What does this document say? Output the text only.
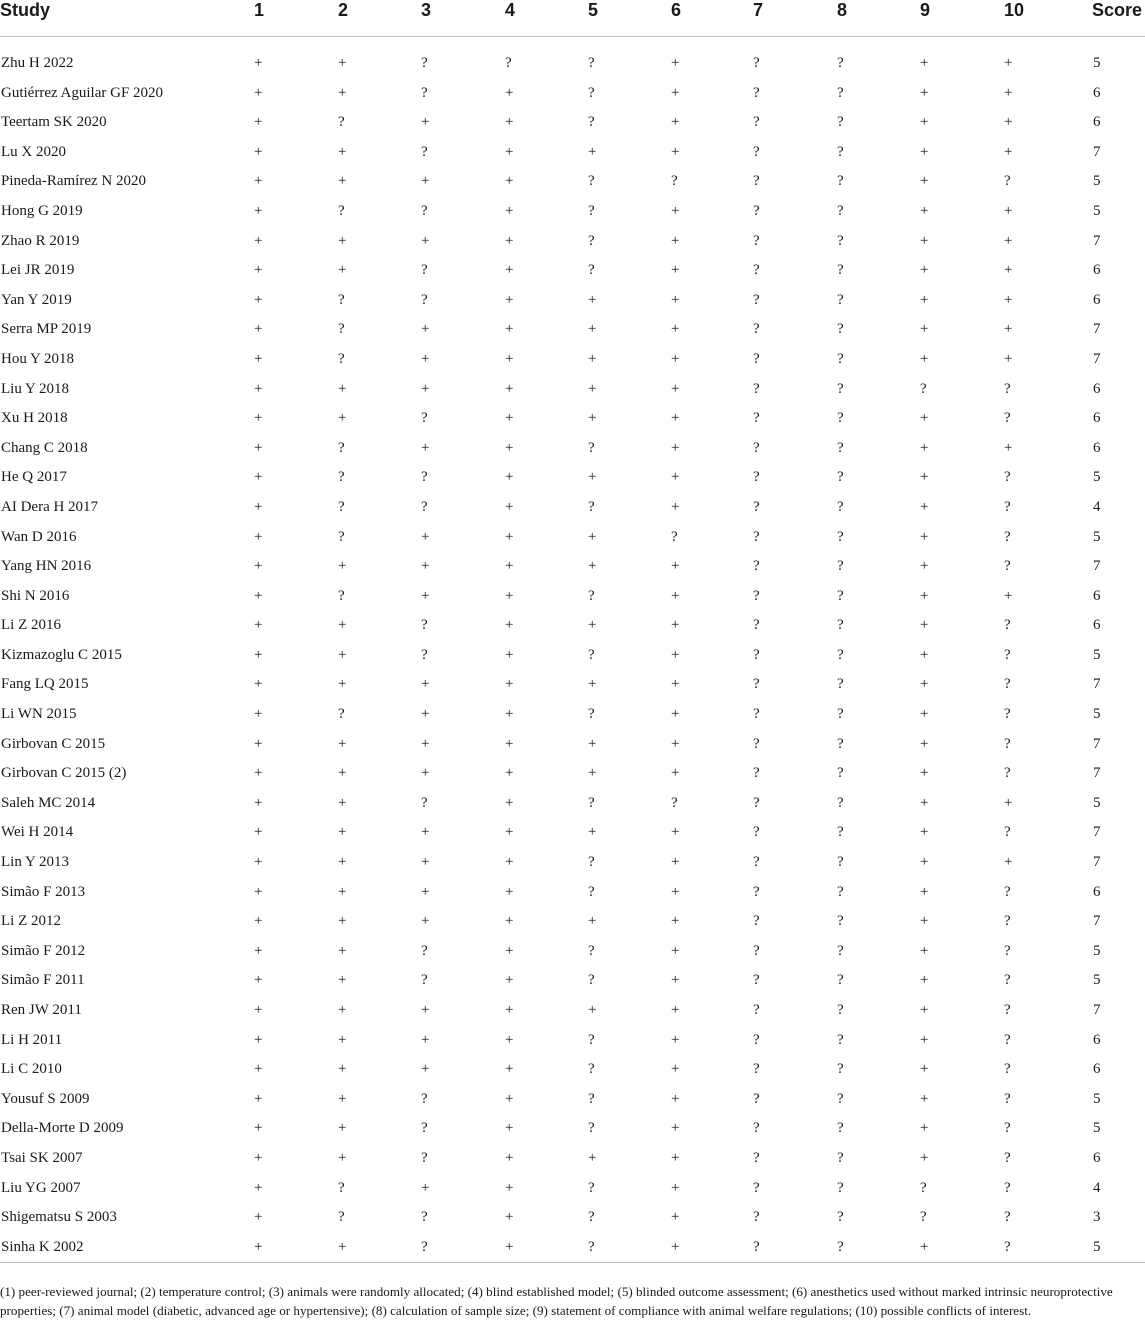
Study	1	2	3	4	5	6	7	8	9	10	Score

Zhu H 2022	+	+	?	?	?	+	?	?	+	+	5
Gutiérrez Aguilar GF 2020	+	+	?	+	?	+	?	?	+	+	6
Teertam SK 2020	+	?	+	+	?	+	?	?	+	+	6
Lu X 2020	+	+	?	+	+	+	?	?	+	+	7
Pineda-Ramírez N 2020	+	+	+	+	?	?	?	?	+	?	5
Hong G 2019	+	?	?	+	?	+	?	?	+	+	5
Zhao R 2019	+	+	+	+	?	+	?	?	+	+	7
Lei JR 2019	+	+	?	+	?	+	?	?	+	+	6
Yan Y 2019	+	?	?	+	+	+	?	?	+	+	6
Serra MP 2019	+	?	+	+	+	+	?	?	+	+	7
Hou Y 2018	+	?	+	+	+	+	?	?	+	+	7
Liu Y 2018	+	+	+	+	+	+	?	?	?	?	6
Xu H 2018	+	+	?	+	+	+	?	?	+	?	6
Chang C 2018	+	?	+	+	?	+	?	?	+	+	6
He Q 2017	+	?	?	+	+	+	?	?	+	?	5
AI Dera H 2017	+	?	?	+	?	+	?	?	+	?	4
Wan D 2016	+	?	+	+	+	?	?	?	+	?	5
Yang HN 2016	+	+	+	+	+	+	?	?	+	?	7
Shi N 2016	+	?	+	+	?	+	?	?	+	+	6
Li Z 2016	+	+	?	+	+	+	?	?	+	?	6
Kizmazoglu C 2015	+	+	?	+	?	+	?	?	+	?	5
Fang LQ 2015	+	+	+	+	+	+	?	?	+	?	7
Li WN 2015	+	?	+	+	?	+	?	?	+	?	5
Girbovan C 2015	+	+	+	+	+	+	?	?	+	?	7
Girbovan C 2015 (2)	+	+	+	+	+	+	?	?	+	?	7
Saleh MC 2014	+	+	?	+	?	?	?	?	+	+	5
Wei H 2014	+	+	+	+	+	+	?	?	+	?	7
Lin Y 2013	+	+	+	+	?	+	?	?	+	+	7
Simão F 2013	+	+	+	+	?	+	?	?	+	?	6
Li Z 2012	+	+	+	+	+	+	?	?	+	?	7
Simão F 2012	+	+	?	+	?	+	?	?	+	?	5
Simão F 2011	+	+	?	+	?	+	?	?	+	?	5
Ren JW 2011	+	+	+	+	+	+	?	?	+	?	7
Li H 2011	+	+	+	+	?	+	?	?	+	?	6
Li C 2010	+	+	+	+	?	+	?	?	+	?	6
Yousuf S 2009	+	+	?	+	?	+	?	?	+	?	5
Della-Morte D 2009	+	+	?	+	?	+	?	?	+	?	5
Tsai SK 2007	+	+	?	+	+	+	?	?	+	?	6
Liu YG 2007	+	?	+	+	?	+	?	?	?	?	4
Shigematsu S 2003	+	?	?	+	?	+	?	?	?	?	3
Sinha K 2002	+	+	?	+	?	+	?	?	+	?	5

(1) peer-reviewed journal; (2) temperature control; (3) animals were randomly allocated; (4) blind established model; (5) blinded outcome assessment; (6) anesthetics used without marked intrinsic neuroprotective properties; (7) animal model (diabetic, advanced age or hypertensive); (8) calculation of sample size; (9) statement of compliance with animal welfare regulations; (10) possible conflicts of interest.
